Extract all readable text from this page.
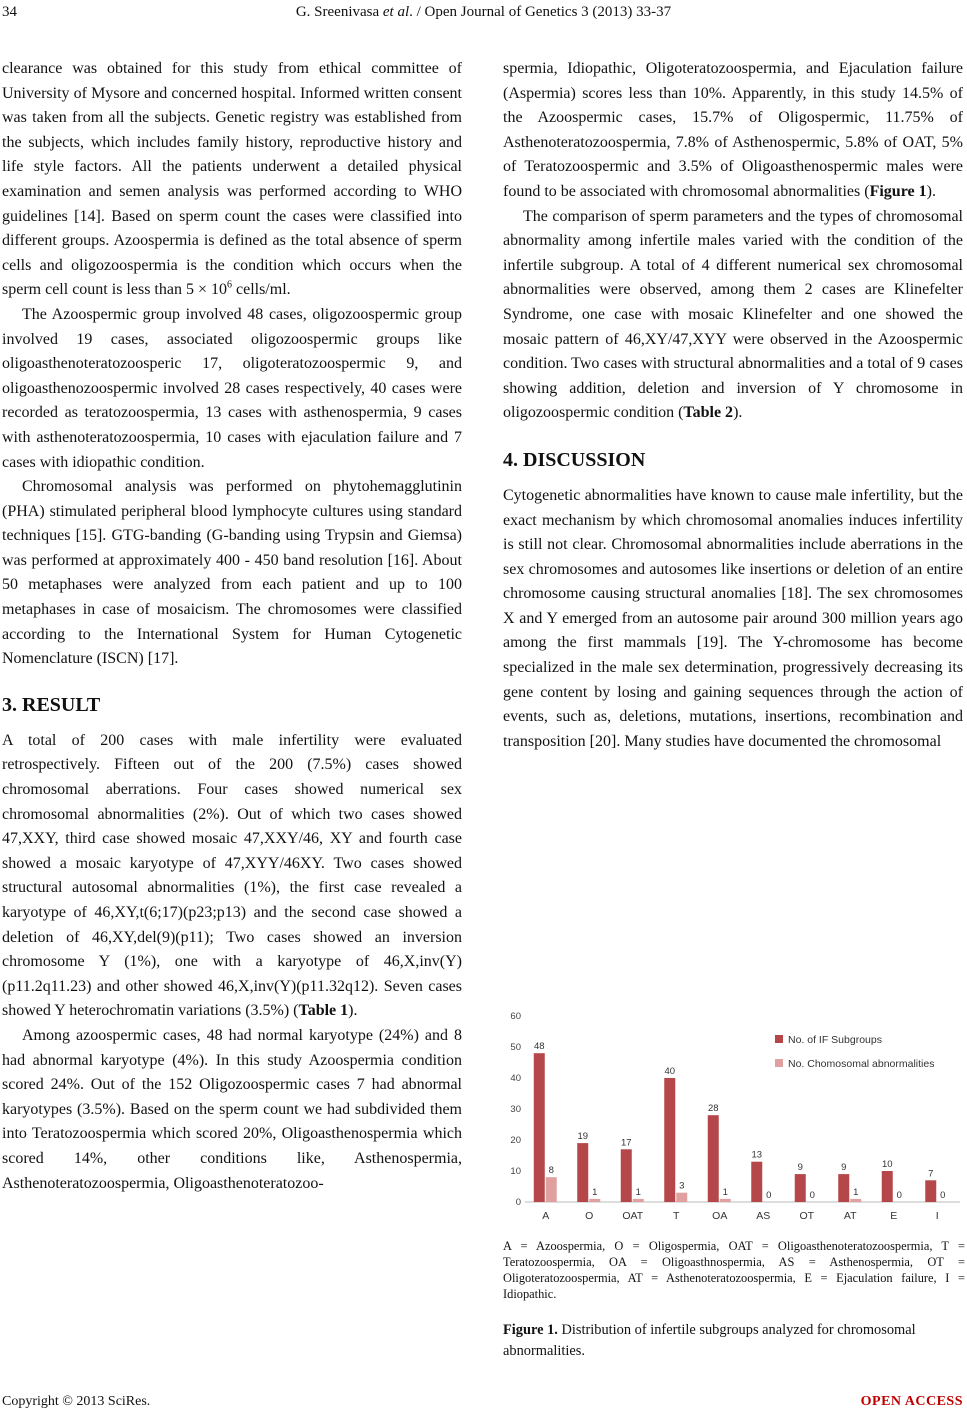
34	G. Sreenivasa et al. / Open Journal of Genetics 3 (2013) 33-37

clearance was obtained for this study from ethical committee of University of Mysore and concerned hospital. Informed written consent was taken from all the subjects. Genetic registry was established from the subjects, which includes family history, reproductive history and life style factors. All the patients underwent a detailed physical examination and semen analysis was performed according to WHO guidelines [14]. Based on sperm count the cases were classified into different groups. Azoospermia is defined as the total absence of sperm cells and oligozoospermia is the condition which occurs when the sperm cell count is less than $5 \times 10^6$ cells/ml.

The Azoospermic group involved 48 cases, oligozoospermic group involved 19 cases, associated oligozoospermic groups like oligoasthenoteratozoosperic 17, oligoteratozoospermic 9, and oligoasthenozoospermic involved 28 cases respectively, 40 cases were recorded as teratozoospermia, 13 cases with asthenospermia, 9 cases with asthenoteratozoospermia, 10 cases with ejaculation failure and 7 cases with idiopathic condition.

Chromosomal analysis was performed on phytohemagglutinin (PHA) stimulated peripheral blood lymphocyte cultures using standard techniques [15]. GTG-banding (G-banding using Trypsin and Giemsa) was performed at approximately 400 - 450 band resolution [16]. About 50 metaphases were analyzed from each patient and up to 100 metaphases in case of mosaicism. The chromosomes were classified according to the International System for Human Cytogenetic Nomenclature (ISCN) [17].

3. RESULT

A total of 200 cases with male infertility were evaluated retrospectively. Fifteen out of the 200 (7.5%) cases showed chromosomal aberrations. Four cases showed numerical sex chromosomal abnormalities (2%). Out of which two cases showed 47,XXY, third case showed mosaic 47,XXY/46, XY and fourth case showed a mosaic karyotype of 47,XYY/46XY. Two cases showed structural autosomal abnormalities (1%), the first case revealed a karyotype of 46,XY,t(6;17)(p23;p13) and the second case showed a deletion of 46,XY,del(9)(p11); Two cases showed an inversion chromosome Y (1%), one with a karyotype of 46,X,inv(Y)(p11.2q11.23) and other showed 46,X,inv(Y)(p11.32q12). Seven cases showed Y heterochromatin variations (3.5%) (Table 1).

Among azoospermic cases, 48 had normal karyotype (24%) and 8 had abnormal karyotype (4%). In this study Azoospermia condition scored 24%. Out of the 152 Oligozoospermic cases 7 had abnormal karyotypes (3.5%). Based on the sperm count we had subdivided them into Teratozoospermia which scored 20%, Oligoasthenospermia which scored 14%, other conditions like, Asthenospermia, Asthenoteratozoospermia, Oligoasthenoteratozoo-

spermia, Idiopathic, Oligoteratozoospermia, and Ejaculation failure (Aspermia) scores less than 10%. Apparently, in this study 14.5% of the Azoospermic cases, 15.7% of Oligospermic, 11.75% of Asthenoteratozoospermia, 7.8% of Asthenospermic, 5.8% of OAT, 5% of Teratozoospermic and 3.5% of Oligoasthenospermic males were found to be associated with chromosomal abnormalities (Figure 1).

The comparison of sperm parameters and the types of chromosomal abnormality among infertile males varied with the condition of the infertile subgroup. A total of 4 different numerical sex chromosomal abnormalities were observed, among them 2 cases are Klinefelter Syndrome, one case with mosaic Klinefelter and one showed the mosaic pattern of 46,XY/47,XYY were observed in the Azoospermic condition. Two cases with structural abnormalities and a total of 9 cases showing addition, deletion and inversion of Y chromosome in oligozoospermic condition (Table 2).

4. DISCUSSION

Cytogenetic abnormalities have known to cause male infertility, but the exact mechanism by which chromosomal anomalies induces infertility is still not clear. Chromosomal abnormalities include aberrations in the sex chromosomes and autosomes like insertions or deletion of an entire chromosome causing structural anomalies [18]. The sex chromosomes X and Y emerged from an autosome pair around 300 million years ago among the first mammals [19]. The Y-chromosome has become specialized in the male sex determination, progressively decreasing its gene content by losing and gaining sequences through the action of events, such as, deletions, mutations, insertions, recombination and transposition [20]. Many studies have documented the chromosomal

0
10
20
30
40
50
60
48
8
A
19
1
O
17
1
OAT
40
3
T
28
1
OA
13
0
AS
9
0
OT
9
1
AT
10
0
E
7
0
I
No. of IF Subgroups
No. Chomosomal abnormalities
A = Azoospermia, O = Oligospermia, OAT = Oligoasthenoteratozoospermia, T = Teratozoospermia, OA = Oligoasthnospermia, AS = Asthenospermia, OT = Oligoteratozoospermia, AT = Asthenoteratozoospermia, E = Ejaculation failure, I = Idiopathic.
Figure 1. Distribution of infertile subgroups analyzed for chromosomal abnormalities.
Copyright © 2013 SciRes.	OPEN ACCESS
